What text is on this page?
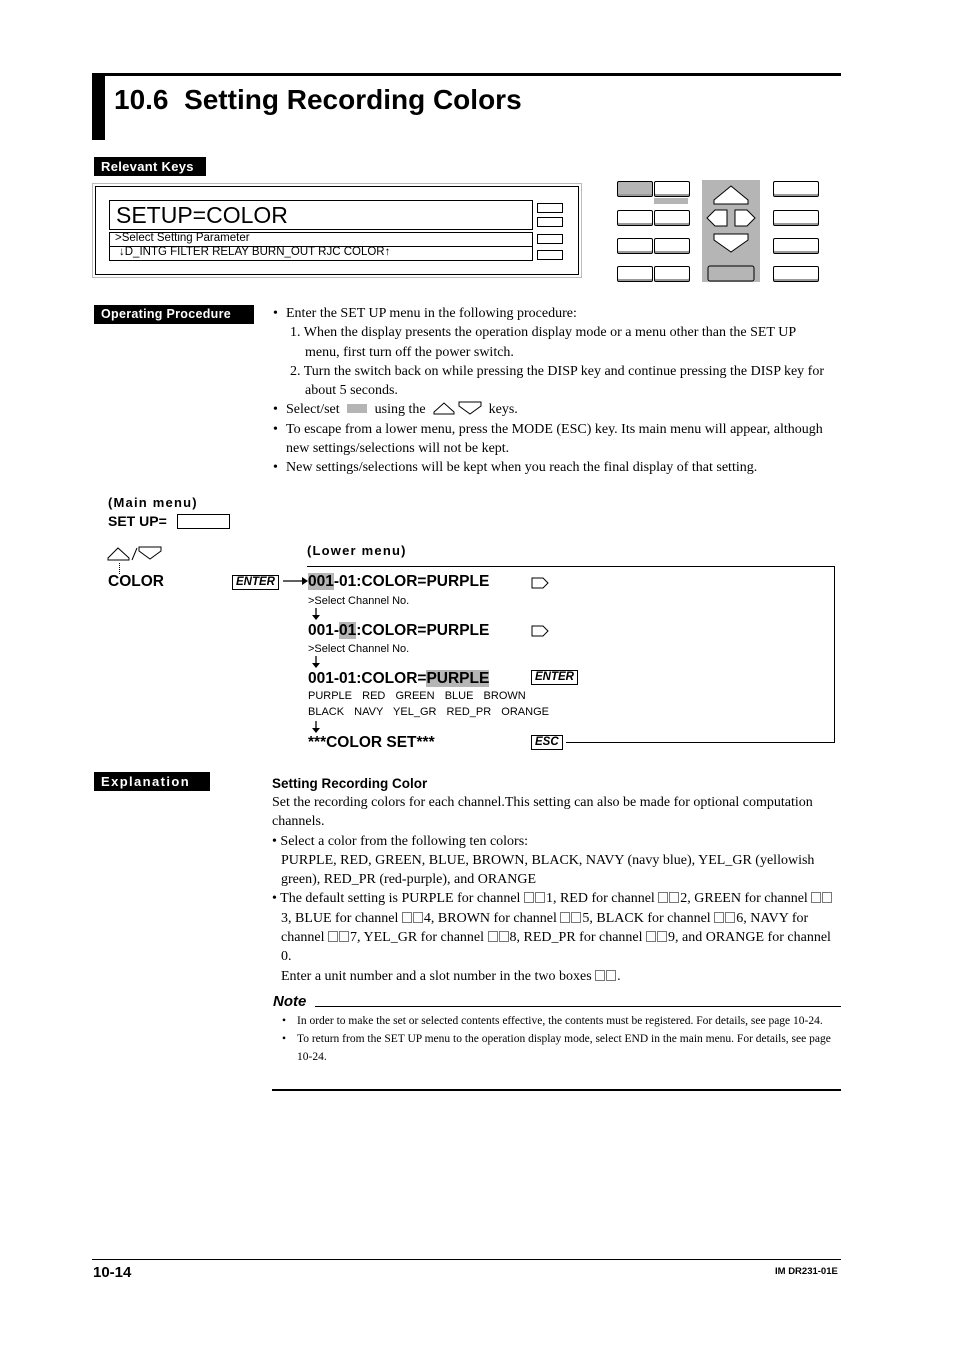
10.6 Setting Recording Colors
Relevant Keys
SETUP=COLOR
>Select Setting Parameter
↓D_INTG FILTER RELAY BURN_OUT RJC COLOR↑
Operating Procedure	• Enter the SET UP menu in the following procedure:

1. When the display presents the operation display mode or a menu other than the SET UP menu, first turn off the power switch.

2. Turn the switch back on while pressing the DISP key and continue pressing the DISP key for about 5 seconds.

• Select/set	using the	keys.

• To escape from a lower menu, press the MODE (ESC) key. Its main menu will appear, although new settings/selections will not be kept.

• New settings/selections will be kept when you reach the final display of that setting.

(Main menu)
SET UP=
(Lower menu)
COLOR	ENTER 001-01:COLOR=PURPLE
>Select Channel No.
001-01:COLOR=PURPLE
>Select Channel No.
001-01:COLOR=PURPLE	ENTER
PURPLE  RED  GREEN  BLUE  BROWN
BLACK  NAVY  YEL_GR  RED_PR  ORANGE
***COLOR SET***	ESC
Explanation	Setting Recording Color
Set the recording colors for each channel.This setting can also be made for optional computation channels.
• Select a color from the following ten colors:
PURPLE, RED, GREEN, BLUE, BROWN, BLACK, NAVY (navy blue), YEL_GR (yellowish green), RED_PR (red-purple), and ORANGE
• The default setting is PURPLE for channel 1, RED for channel 2, GREEN for channel 3, BLUE for channel 4, BROWN for channel 5, BLACK for channel 6, NAVY for channel 7, YEL_GR for channel 8, RED_PR for channel 9, and ORANGE for channel 0.
Enter a unit number and a slot number in the two boxes .
Note
• In order to make the set or selected contents effective, the contents must be registered. For details, see page 10-24.
• To return from the SET UP menu to the operation display mode, select END in the main menu. For details, see page 10-24.
10-14	IM DR231-01E
